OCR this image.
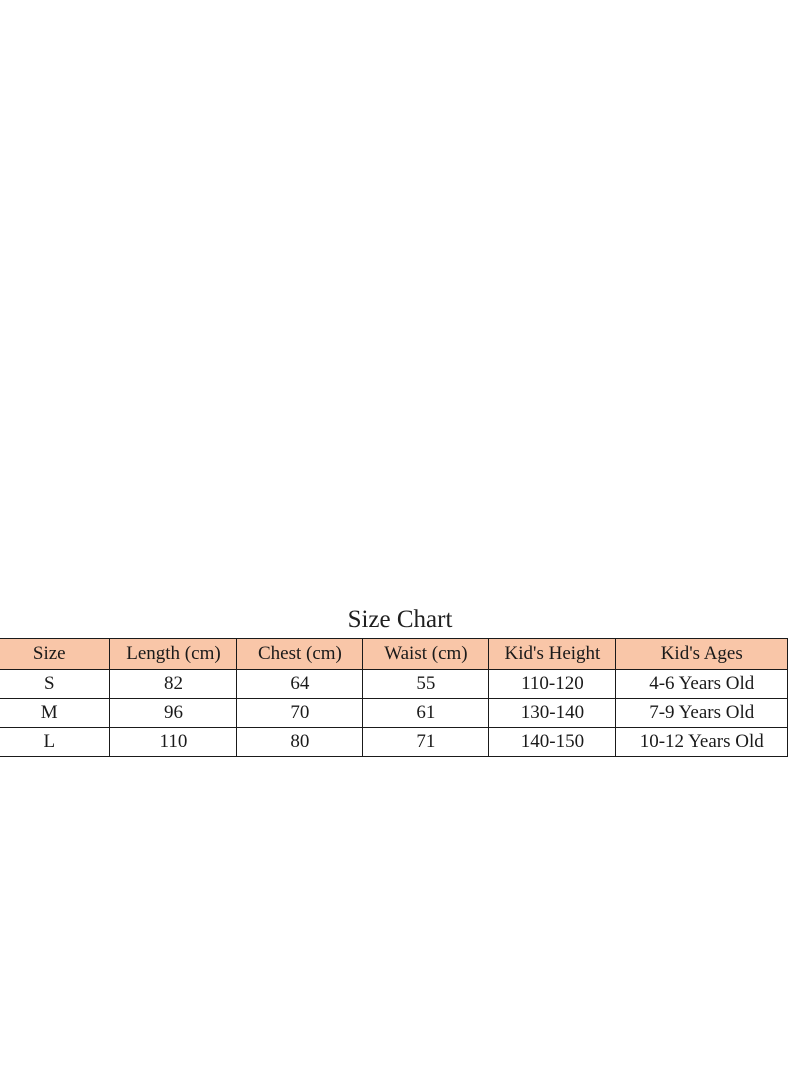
Size Chart
Size	Length (cm)	Chest (cm)	Waist (cm)	Kid's Height	Kid's Ages
S	82	64	55	110-120	4-6 Years Old
M	96	70	61	130-140	7-9 Years Old
L	110	80	71	140-150	10-12 Years Old
